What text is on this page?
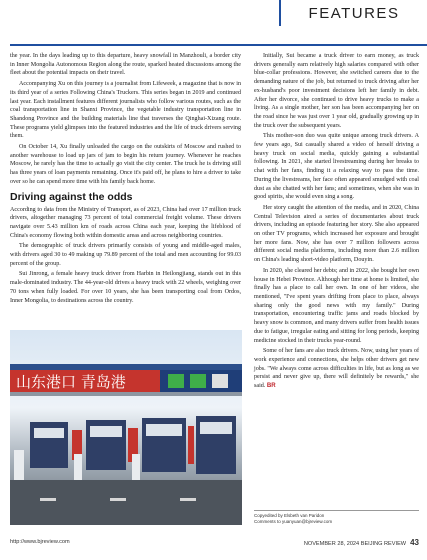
FEATURES

the year. In the days leading up to this departure, heavy snowfall in Manzhouli, a border city in Inner Mongolia Autonomous Region along the route, sparked heated discussions among the fleet about the potential impacts on their travel.

Accompanying Xu on this journey is a journalist from Lifeweek, a magazine that is now in its third year of a series Following China's Truckers. This series began in 2019 and continued last year. Each installment features different journalists who follow various routes, such as the coal transportation line in Shanxi Province, the vegetable industry transportation line in Shandong Province and the building materials line that traverses the Qinghai-Xizang route. These programs yield glimpses into the featured industries and the life of truck drivers serving them.

On October 14, Xu finally unloaded the cargo on the outskirts of Moscow and rushed to another warehouse to load up jars of jam to begin his return journey. Whenever he reaches Moscow, he rarely has the time to actually go visit the city center. The truck he is driving still has three years of loan payments remaining. Once it's paid off, he plans to hire a driver to take over so he can spend more time with his family back home.

Driving against the odds

According to data from the Ministry of Transport, as of 2023, China had over 17 million truck drivers, altogether managing 73 percent of total commercial freight volume. These drivers navigate over 5.43 million km of roads across China each year, keeping the lifeblood of China's economy flowing both within domestic areas and across neighboring countries.

The demographic of truck drivers primarily consists of young and middle-aged males, with drivers aged 30 to 49 making up 79.89 percent of the total and men accounting for 99.03 percent of the group.

Sui Jinrong, a female heavy truck driver from Harbin in Heilongjiang, stands out in this male-dominated industry. The 44-year-old drives a heavy truck with 22 wheels, weighing over 70 tons when fully loaded. For over 10 years, she has been transporting coal from Ordos, Inner Mongolia, to destinations across the country.

山东港口 青岛港

Initially, Sui became a truck driver to earn money, as truck drivers generally earn relatively high salaries compared with other blue-collar professions. However, she switched careers due to the demanding nature of the job, but returned to truck driving after her ex-husband's poor investment decisions left her family in debt. After her divorce, she continued to drive heavy trucks to make a living. As a single mother, her son has been accompanying her on the road since he was just over 1 year old, gradually growing up in the truck over the subsequent years.

This mother-son duo was quite unique among truck drivers. A few years ago, Sui casually shared a video of herself driving a heavy truck on social media, quickly gaining a substantial following. In 2021, she started livestreaming during her breaks to chat with her fans, finding it a relaxing way to pass the time. During the livestreams, her face often appeared smudged with coal dust as she chatted with her fans; and sometimes, when she was in good spirits, she would even sing a song.

Her story caught the attention of the media, and in 2020, China Central Television aired a series of documentaries about truck drivers, including an episode featuring her story. She also appeared on other TV programs, which increased her exposure and brought her more fans. Now, she has over 7 million followers across different social media platforms, including more than 2.6 million on China's leading short-video platform, Douyin.

In 2020, she cleared her debts; and in 2022, she bought her own house in Hebei Province. Although her time at home is limited, she finally has a place to call her own. In one of her videos, she mentioned, "I've spent years drifting from place to place, always sharing only the good news with my family." During transportation, encountering traffic jams and roads blocked by heavy snow is common, and many drivers suffer from health issues due to fatigue, irregular eating and sitting for long periods, keeping medicine stocked in their trucks year-round.

Some of her fans are also truck drivers. Now, using her years of work experience and connections, she helps other drivers get new jobs. "We always come across difficulties in life, but as long as we persist and never give up, there will definitely be rewards," she said. BR

Copyedited by Elsbeth van Paridon
Comments to yuanyuan@bjreview.com
http://www.bjreview.com	NOVEMBER 28, 2024 BEIJING REVIEW 43
